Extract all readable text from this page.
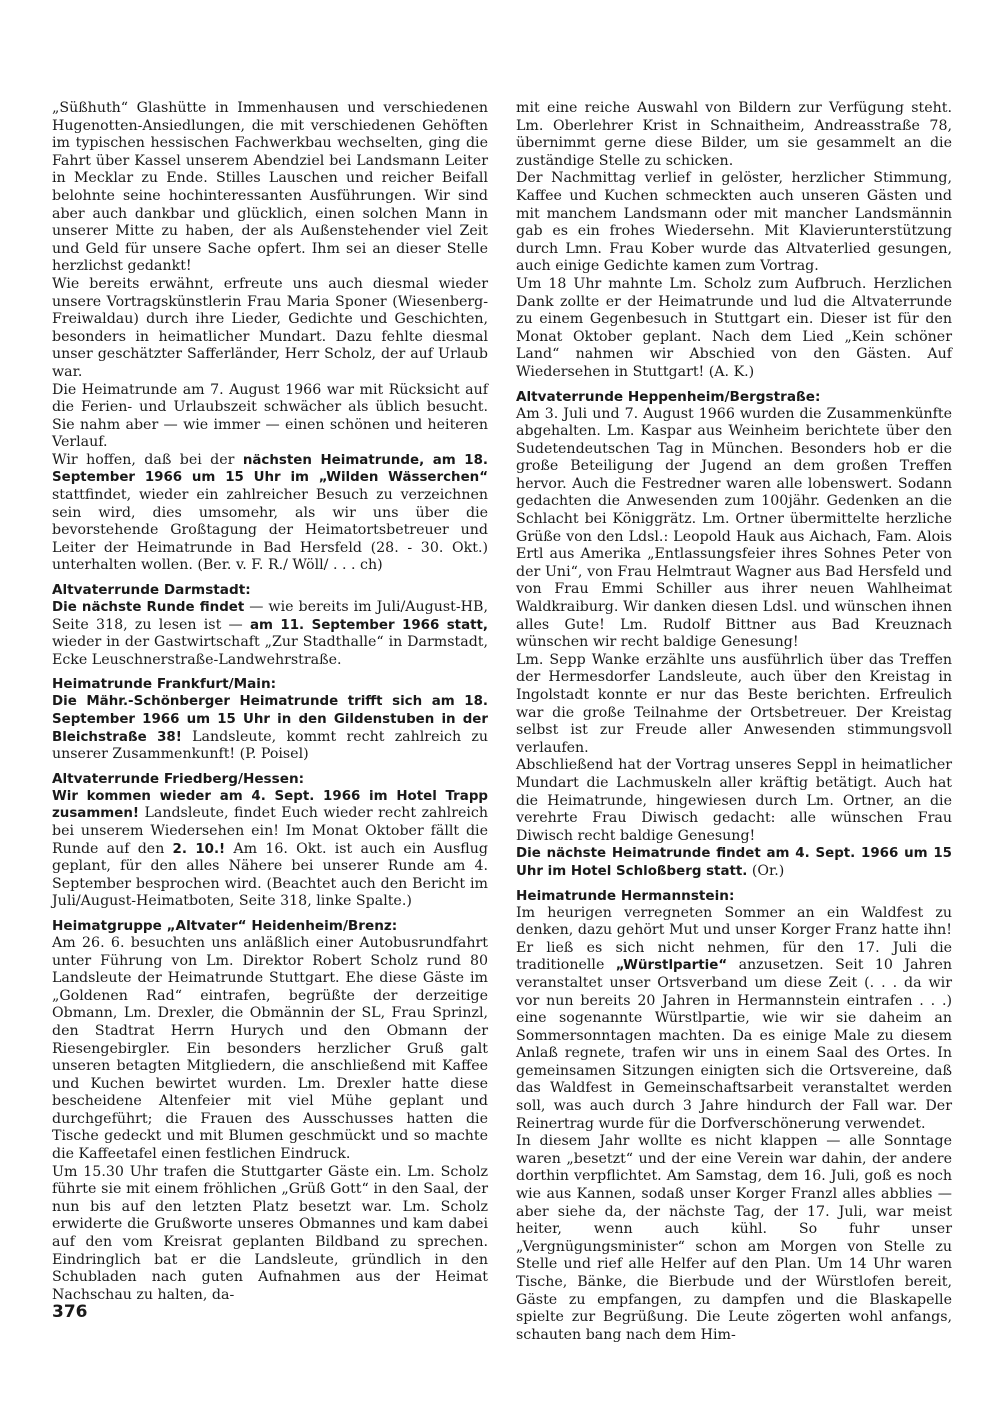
„Süßhuth“ Glashütte in Immenhausen und verschiedenen Hugenotten-Ansiedlungen, die mit verschiedenen Gehöften im typischen hessischen Fachwerkbau wechselten, ging die Fahrt über Kassel unserem Abendziel bei Landsmann Leiter in Mecklar zu Ende. Stilles Lauschen und reicher Beifall belohnte seine hochinteressanten Ausführungen. Wir sind aber auch dankbar und glücklich, einen solchen Mann in unserer Mitte zu haben, der als Außenstehender viel Zeit und Geld für unsere Sache opfert. Ihm sei an dieser Stelle herzlichst gedankt!

Wie bereits erwähnt, erfreute uns auch diesmal wieder unsere Vortragskünstlerin Frau Maria Sponer (Wiesenberg-Freiwaldau) durch ihre Lieder, Gedichte und Geschichten, besonders in heimatlicher Mundart. Dazu fehlte diesmal unser geschätzter Safferländer, Herr Scholz, der auf Urlaub war.

Die Heimatrunde am 7. August 1966 war mit Rücksicht auf die Ferien- und Urlaubszeit schwächer als üblich besucht. Sie nahm aber — wie immer — einen schönen und heiteren Verlauf.

Wir hoffen, daß bei der nächsten Heimatrunde, am 18. September 1966 um 15 Uhr im „Wilden Wässerchen“ stattfindet, wieder ein zahlreicher Besuch zu verzeichnen sein wird, dies umsomehr, als wir uns über die bevorstehende Großtagung der Heimatortsbetreuer und Leiter der Heimatrunde in Bad Hersfeld (28. - 30. Okt.) unterhalten wollen. (Ber. v. F. R./ Wöll/ . . . ch)

Altvaterrunde Darmstadt:

Die nächste Runde findet — wie bereits im Juli/August-HB, Seite 318, zu lesen ist — am 11. September 1966 statt, wieder in der Gastwirtschaft „Zur Stadthalle“ in Darmstadt, Ecke Leuschnerstraße-Landwehrstraße.

Heimatrunde Frankfurt/Main:

Die Mähr.-Schönberger Heimatrunde trifft sich am 18. September 1966 um 15 Uhr in den Gildenstuben in der Bleichstraße 38! Landsleute, kommt recht zahlreich zu unserer Zusammenkunft! (P. Poisel)

Altvaterrunde Friedberg/Hessen:

Wir kommen wieder am 4. Sept. 1966 im Hotel Trapp zusammen! Landsleute, findet Euch wieder recht zahlreich bei unserem Wiedersehen ein! Im Monat Oktober fällt die Runde auf den 2. 10.! Am 16. Okt. ist auch ein Ausflug geplant, für den alles Nähere bei unserer Runde am 4. September besprochen wird. (Beachtet auch den Bericht im Juli/August-Heimatboten, Seite 318, linke Spalte.)

Heimatgruppe „Altvater“ Heidenheim/Brenz:

Am 26. 6. besuchten uns anläßlich einer Autobusrundfahrt unter Führung von Lm. Direktor Robert Scholz rund 80 Landsleute der Heimatrunde Stuttgart. Ehe diese Gäste im „Goldenen Rad“ eintrafen, begrüßte der derzeitige Obmann, Lm. Drexler, die Obmännin der SL, Frau Sprinzl, den Stadtrat Herrn Hurych und den Obmann der Riesengebirgler. Ein besonders herzlicher Gruß galt unseren betagten Mitgliedern, die anschließend mit Kaffee und Kuchen bewirtet wurden. Lm. Drexler hatte diese bescheidene Altenfeier mit viel Mühe geplant und durchgeführt; die Frauen des Ausschusses hatten die Tische gedeckt und mit Blumen geschmückt und so machte die Kaffeetafel einen festlichen Eindruck.

Um 15.30 Uhr trafen die Stuttgarter Gäste ein. Lm. Scholz führte sie mit einem fröhlichen „Grüß Gott“ in den Saal, der nun bis auf den letzten Platz besetzt war. Lm. Scholz erwiderte die Grußworte unseres Obmannes und kam dabei auf den vom Kreisrat geplanten Bildband zu sprechen. Eindringlich bat er die Landsleute, gründlich in den Schubladen nach guten Aufnahmen aus der Heimat Nachschau zu halten, da-

mit eine reiche Auswahl von Bildern zur Verfügung steht. Lm. Oberlehrer Krist in Schnaitheim, Andreasstraße 78, übernimmt gerne diese Bilder, um sie gesammelt an die zuständige Stelle zu schicken.

Der Nachmittag verlief in gelöster, herzlicher Stimmung, Kaffee und Kuchen schmeckten auch unseren Gästen und mit manchem Landsmann oder mit mancher Landsmännin gab es ein frohes Wiedersehn. Mit Klavierunterstützung durch Lmn. Frau Kober wurde das Altvaterlied gesungen, auch einige Gedichte kamen zum Vortrag.

Um 18 Uhr mahnte Lm. Scholz zum Aufbruch. Herzlichen Dank zollte er der Heimatrunde und lud die Altvaterrunde zu einem Gegenbesuch in Stuttgart ein. Dieser ist für den Monat Oktober geplant. Nach dem Lied „Kein schöner Land“ nahmen wir Abschied von den Gästen. Auf Wiedersehen in Stuttgart! (A. K.)

Altvaterrunde Heppenheim/Bergstraße:

Am 3. Juli und 7. August 1966 wurden die Zusammenkünfte abgehalten. Lm. Kaspar aus Weinheim berichtete über den Sudetendeutschen Tag in München. Besonders hob er die große Beteiligung der Jugend an dem großen Treffen hervor. Auch die Festredner waren alle lobenswert. Sodann gedachten die Anwesenden zum 100jähr. Gedenken an die Schlacht bei Königgrätz. Lm. Ortner übermittelte herzliche Grüße von den Ldsl.: Leopold Hauk aus Aichach, Fam. Alois Ertl aus Amerika „Entlassungsfeier ihres Sohnes Peter von der Uni“, von Frau Helmtraut Wagner aus Bad Hersfeld und von Frau Emmi Schiller aus ihrer neuen Wahlheimat Waldkraiburg. Wir danken diesen Ldsl. und wünschen ihnen alles Gute! Lm. Rudolf Bittner aus Bad Kreuznach wünschen wir recht baldige Genesung!

Lm. Sepp Wanke erzählte uns ausführlich über das Treffen der Hermesdorfer Landsleute, auch über den Kreistag in Ingolstadt konnte er nur das Beste berichten. Erfreulich war die große Teilnahme der Ortsbetreuer. Der Kreistag selbst ist zur Freude aller Anwesenden stimmungsvoll verlaufen.

Abschließend hat der Vortrag unseres Seppl in heimatlicher Mundart die Lachmuskeln aller kräftig betätigt. Auch hat die Heimatrunde, hingewiesen durch Lm. Ortner, an die verehrte Frau Diwisch gedacht: alle wünschen Frau Diwisch recht baldige Genesung!

Die nächste Heimatrunde findet am 4. Sept. 1966 um 15 Uhr im Hotel Schloßberg statt. (Or.)

Heimatrunde Hermannstein:

Im heurigen verregneten Sommer an ein Waldfest zu denken, dazu gehört Mut und unser Korger Franz hatte ihn! Er ließ es sich nicht nehmen, für den 17. Juli die traditionelle „Würstlpartie“ anzusetzen. Seit 10 Jahren veranstaltet unser Ortsverband um diese Zeit (. . . da wir vor nun bereits 20 Jahren in Hermannstein eintrafen . . .) eine sogenannte Würstlpartie, wie wir sie daheim an Sommersonntagen machten. Da es einige Male zu diesem Anlaß regnete, trafen wir uns in einem Saal des Ortes. In gemeinsamen Sitzungen einigten sich die Ortsvereine, daß das Waldfest in Gemeinschaftsarbeit veranstaltet werden soll, was auch durch 3 Jahre hindurch der Fall war. Der Reinertrag wurde für die Dorfverschönerung verwendet.

In diesem Jahr wollte es nicht klappen — alle Sonntage waren „besetzt“ und der eine Verein war dahin, der andere dorthin verpflichtet. Am Samstag, dem 16. Juli, goß es noch wie aus Kannen, sodaß unser Korger Franzl alles abblies — aber siehe da, der nächste Tag, der 17. Juli, war meist heiter, wenn auch kühl. So fuhr unser „Vergnügungsminister“ schon am Morgen von Stelle zu Stelle und rief alle Helfer auf den Plan. Um 14 Uhr waren Tische, Bänke, die Bierbude und der Würstlofen bereit, Gäste zu empfangen, zu dampfen und die Blaskapelle spielte zur Begrüßung. Die Leute zögerten wohl anfangs, schauten bang nach dem Him-

376
